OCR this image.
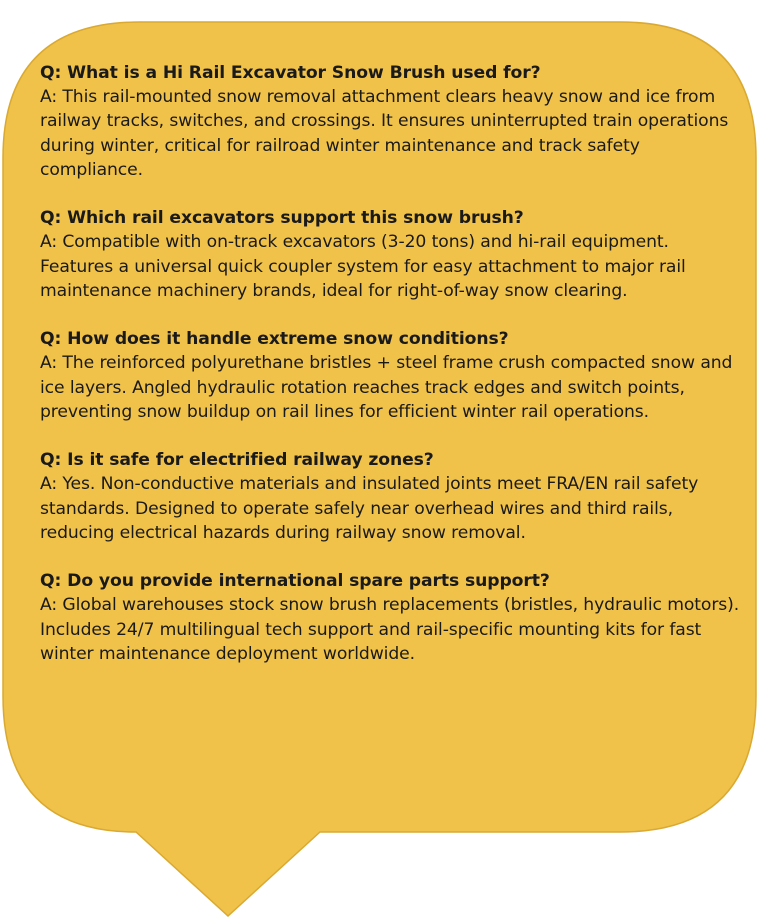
Q: What is a Hi Rail Excavator Snow Brush used for?

A: This rail-mounted snow removal attachment clears heavy snow and ice from railway tracks, switches, and crossings. It ensures uninterrupted train operations during winter, critical for railroad winter maintenance and track safety compliance.

Q: Which rail excavators support this snow brush?

A: Compatible with on-track excavators (3-20 tons) and hi-rail equipment. Features a universal quick coupler system for easy attachment to major rail maintenance machinery brands, ideal for right-of-way snow clearing.

Q: How does it handle extreme snow conditions?

A: The reinforced polyurethane bristles + steel frame crush compacted snow and ice layers. Angled hydraulic rotation reaches track edges and switch points, preventing snow buildup on rail lines for efficient winter rail operations.

Q: Is it safe for electrified railway zones?

A: Yes. Non-conductive materials and insulated joints meet FRA/EN rail safety standards. Designed to operate safely near overhead wires and third rails, reducing electrical hazards during railway snow removal.

Q: Do you provide international spare parts support?

A: Global warehouses stock snow brush replacements (bristles, hydraulic motors). Includes 24/7 multilingual tech support and rail-specific mounting kits for fast winter maintenance deployment worldwide.
